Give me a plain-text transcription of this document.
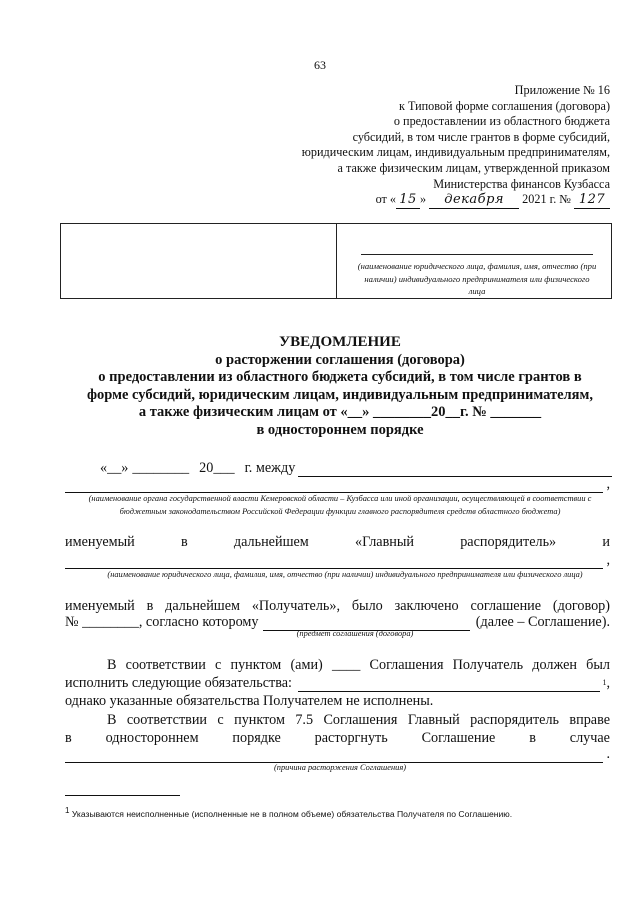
63
Приложение № 16
к Типовой форме соглашения (договора)
о предоставлении из областного бюджета
субсидий, в том числе грантов в форме субсидий,
юридическим лицам, индивидуальным предпринимателям,
а также физическим лицам, утвержденной приказом
Министерства финансов Кузбасса
от « 15 » декабря 2021 г. № 127
(наименование юридического лица, фамилия, имя, отчество (при наличии) индивидуального предпринимателя или физического лица
УВЕДОМЛЕНИЕ
о расторжении соглашения (договора)
о предоставлении из областного бюджета субсидий, в том числе грантов в
форме субсидий, юридическим лицам, индивидуальным предпринимателям,
а также физическим лицам от «__» ________20__г. № _______
в одностороннем порядке
«__» ________ 20___ г. между
,
(наименование органа государственной власти Кемеровской области – Кузбасса или иной организации, осуществляющей в соответствии с бюджетным законодательством Российской Федерации функции главного распорядителя средств областного бюджета)
именуемый	в	дальнейшем	«Главный	распорядитель»	и
,
(наименование юридического лица, фамилия, имя, отчество (при наличии) индивидуального предпринимателя или физического лица)
именуемый в дальнейшем «Получатель», было заключено соглашение (договор)
№ ________, согласно которому	(далее – Соглашение).
(предмет соглашения (договора)
В соответствии с пунктом (ами) ____ Соглашения Получатель должен был
исполнить следующие обязательства:	1 ,
однако указанные обязательства Получателем не исполнены.
В соответствии с пунктом 7.5 Соглашения Главный распорядитель вправе
в одностороннем порядке расторгнуть Соглашение в случае
.
(причина расторжения Соглашения)
$^1$ Указываются неисполненные (исполненные не в полном объеме) обязательства Получателя по Соглашению.
